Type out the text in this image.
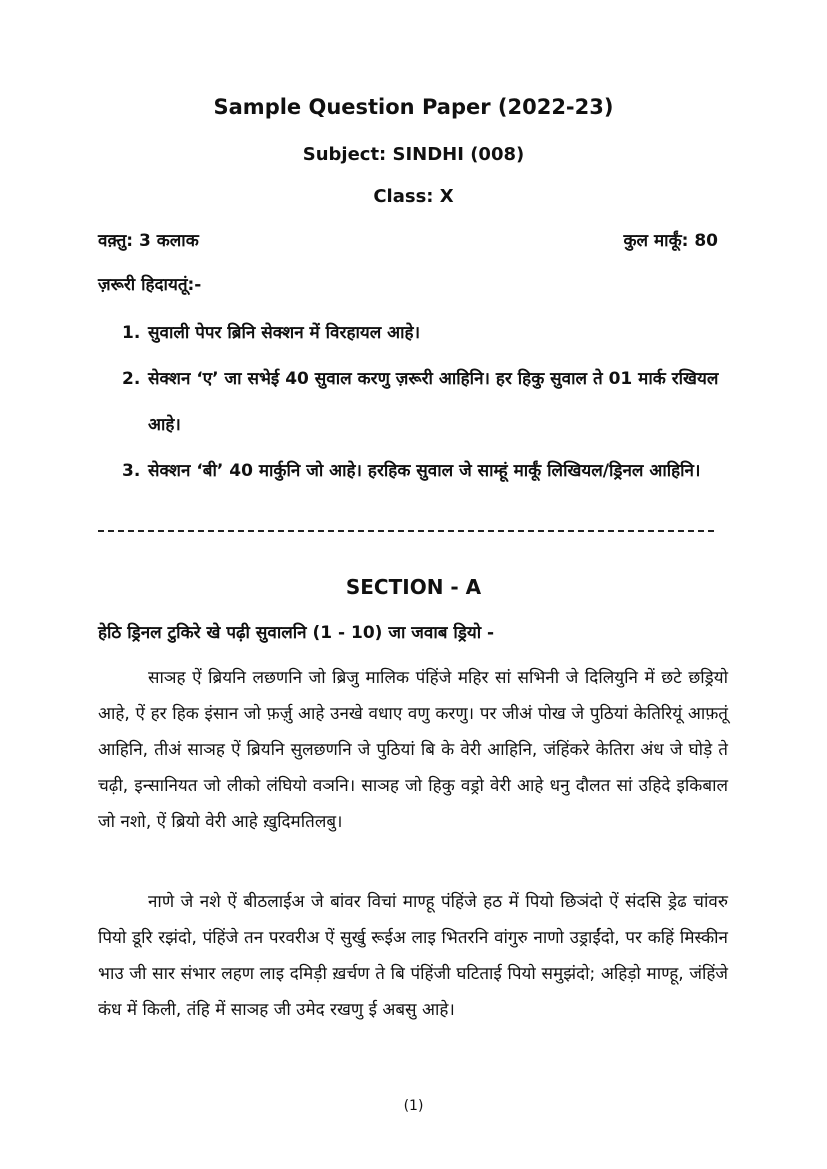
Sample Question Paper (2022-23)
Subject: SINDHI (008)
Class: X
वक़्तु: 3 कलाक	कुल मार्कूं: 80
ज़रूरी हिदायतूं:-
1. सुवाली पेपर ब्रिनि सेक्शन में विरहायल आहे।
2. सेक्शन ‘ए’ जा सभेई 40 सुवाल करणु ज़रूरी आहिनि। हर हिकु सुवाल ते 01 मार्क रखियल आहे।
3. सेक्शन ‘बी’ 40 मार्कुनि जो आहे। हरहिक सुवाल जे साम्हूं मार्कूं लिखियल/ड्रिनल आहिनि।
SECTION - A
हेठि ड्रिनल टुकिरे खे पढ़ी सुवालनि (1 - 10) जा जवाब ड्रियो -

साञह ऐं ब्रियनि लछणनि जो ब्रिजु मालिक पंहिंजे महिर सां सभिनी जे दिलियुनि में छटे छड्रियो आहे, ऐं हर हिक इंसान जो फ़र्ज़ु आहे उनखे वधाए वणु करणु। पर जीअं पोख जे पुठियां केतिरियूं आफ़तूं आहिनि, तीअं साञह ऐं ब्रियनि सुलछणनि जे पुठियां बि के वेरी आहिनि, जंहिंकरे केतिरा अंध जे घोड़े ते चढ़ी, इन्सानियत जो लीको लंघियो वञनि। साञह जो हिकु वड्रो वेरी आहे धनु दौलत सां उहिदे इकिबाल जो नशो, ऐं ब्रियो वेरी आहे ख़ुदिमतिलबु।

नाणे जे नशे ऐं बीठलाईअ जे बांवर विचां माण्हू पंहिंजे हठ में पियो छिञंदो ऐं संदसि ड्रेढ चांवरु पियो डूरि रझंदो, पंहिंजे तन परवरीअ ऐं सुर्खु रूईअ लाइ भितरनि वांगुरु नाणो उड्राईंदो, पर कहिं मिस्कीन भाउ जी सार संभार लहण लाइ दमिड़ी ख़र्चण ते बि पंहिंजी घटिताई पियो समुझंदो; अहिड़ो माण्हू, जंहिंजे कंध में किली, तंहि में साञह जी उमेद रखणु ई अबसु आहे।

(1)
